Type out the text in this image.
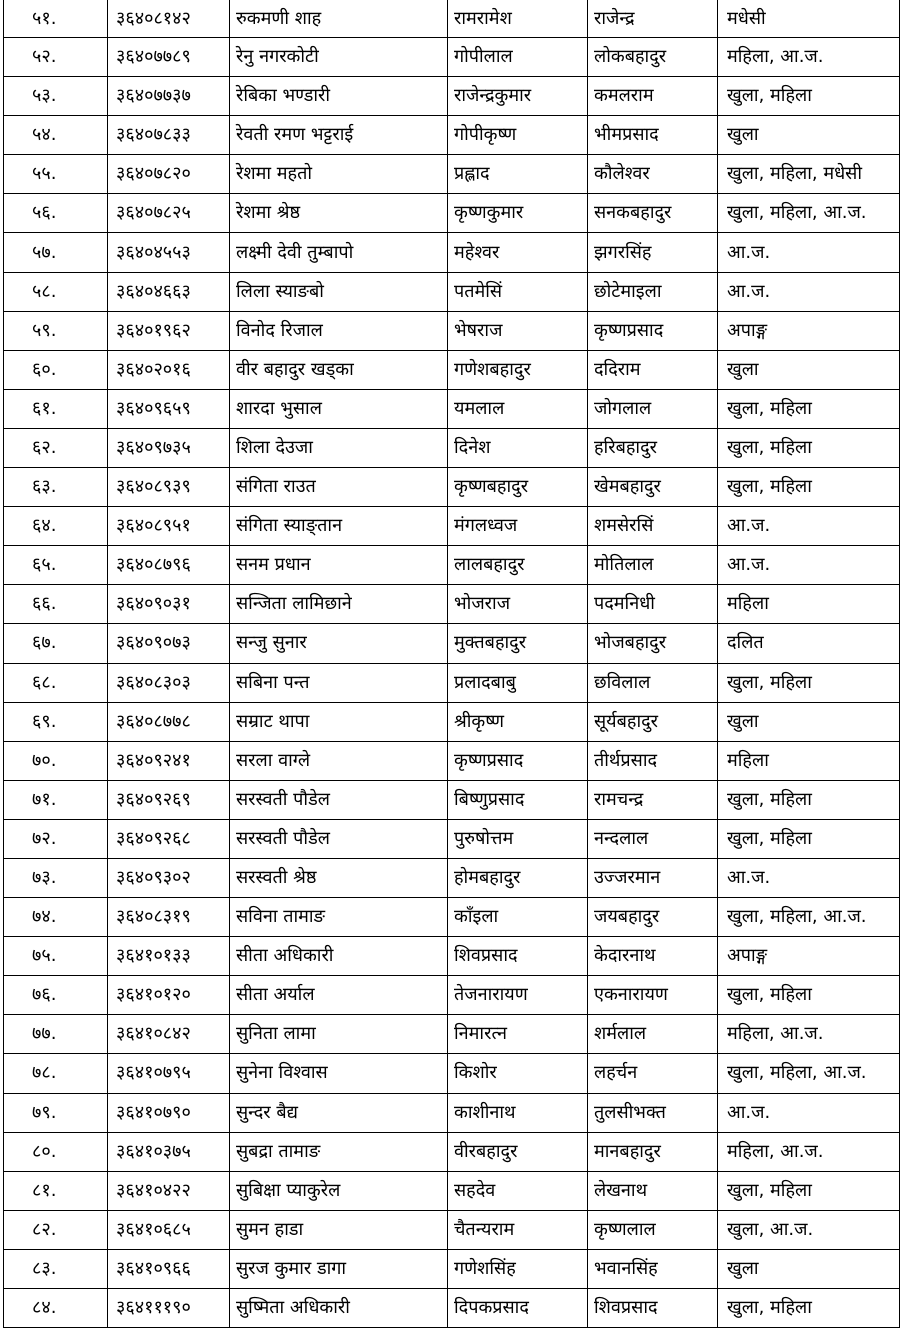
५१.	३६४०८१४२	रुकमणी शाह	रामरामेश	राजेन्द्र	मधेसी
५२.	३६४०७७८९	रेनु नगरकोटी	गोपीलाल	लोकबहादुर	महिला, आ.ज.
५३.	३६४०७७३७	रेबिका भण्डारी	राजेन्द्रकुमार	कमलराम	खुला, महिला
५४.	३६४०७८३३	रेवती रमण भट्टराई	गोपीकृष्ण	भीमप्रसाद	खुला
५५.	३६४०७८२०	रेशमा महतो	प्रह्लाद	कौलेश्वर	खुला, महिला, मधेसी
५६.	३६४०७८२५	रेशमा श्रेष्ठ	कृष्णकुमार	सनकबहादुर	खुला, महिला, आ.ज.
५७.	३६४०४५५३	लक्ष्मी देवी तुम्बापो	महेश्वर	झगरसिंह	आ.ज.
५८.	३६४०४६६३	लिला स्याङबो	पतमेसिं	छोटेमाइला	आ.ज.
५९.	३६४०१९६२	विनोद रिजाल	भेषराज	कृष्णप्रसाद	अपाङ्ग
६०.	३६४०२०१६	वीर बहादुर खड्का	गणेशबहादुर	ददिराम	खुला
६१.	३६४०९६५९	शारदा भुसाल	यमलाल	जोगलाल	खुला, महिला
६२.	३६४०९७३५	शिला देउजा	दिनेश	हरिबहादुर	खुला, महिला
६३.	३६४०८९३९	संगिता राउत	कृष्णबहादुर	खेमबहादुर	खुला, महिला
६४.	३६४०८९५१	संगिता स्याङ्तान	मंगलध्वज	शमसेरसिं	आ.ज.
६५.	३६४०८७९६	सनम प्रधान	लालबहादुर	मोतिलाल	आ.ज.
६६.	३६४०९०३१	सन्जिता लामिछाने	भोजराज	पदमनिधी	महिला
६७.	३६४०९०७३	सन्जु सुनार	मुक्तबहादुर	भोजबहादुर	दलित
६८.	३६४०८३०३	सबिना पन्त	प्रलादबाबु	छविलाल	खुला, महिला
६९.	३६४०८७७८	सम्राट थापा	श्रीकृष्ण	सूर्यबहादुर	खुला
७०.	३६४०९२४१	सरला वाग्ले	कृष्णप्रसाद	तीर्थप्रसाद	महिला
७१.	३६४०९२६९	सरस्वती पौडेल	बिष्णुप्रसाद	रामचन्द्र	खुला, महिला
७२.	३६४०९२६८	सरस्वती पौडेल	पुरुषोत्तम	नन्दलाल	खुला, महिला
७३.	३६४०९३०२	सरस्वती श्रेष्ठ	होमबहादुर	उज्जरमान	आ.ज.
७४.	३६४०८३१९	सविना तामाङ	काँइला	जयबहादुर	खुला, महिला, आ.ज.
७५.	३६४१०१३३	सीता अधिकारी	शिवप्रसाद	केदारनाथ	अपाङ्ग
७६.	३६४१०१२०	सीता अर्याल	तेजनारायण	एकनारायण	खुला, महिला
७७.	३६४१०८४२	सुनिता लामा	निमारत्न	शर्मलाल	महिला, आ.ज.
७८.	३६४१०७९५	सुनेना विश्वास	किशोर	लहर्चन	खुला, महिला, आ.ज.
७९.	३६४१०७९०	सुन्दर बैद्य	काशीनाथ	तुलसीभक्त	आ.ज.
८०.	३६४१०३७५	सुबद्रा तामाङ	वीरबहादुर	मानबहादुर	महिला, आ.ज.
८१.	३६४१०४२२	सुबिक्षा प्याकुरेल	सहदेव	लेखनाथ	खुला, महिला
८२.	३६४१०६८५	सुमन हाडा	चैतन्यराम	कृष्णलाल	खुला, आ.ज.
८३.	३६४१०९६६	सुरज कुमार डागा	गणेशसिंह	भवानसिंह	खुला
८४.	३६४१११९०	सुष्मिता अधिकारी	दिपकप्रसाद	शिवप्रसाद	खुला, महिला
